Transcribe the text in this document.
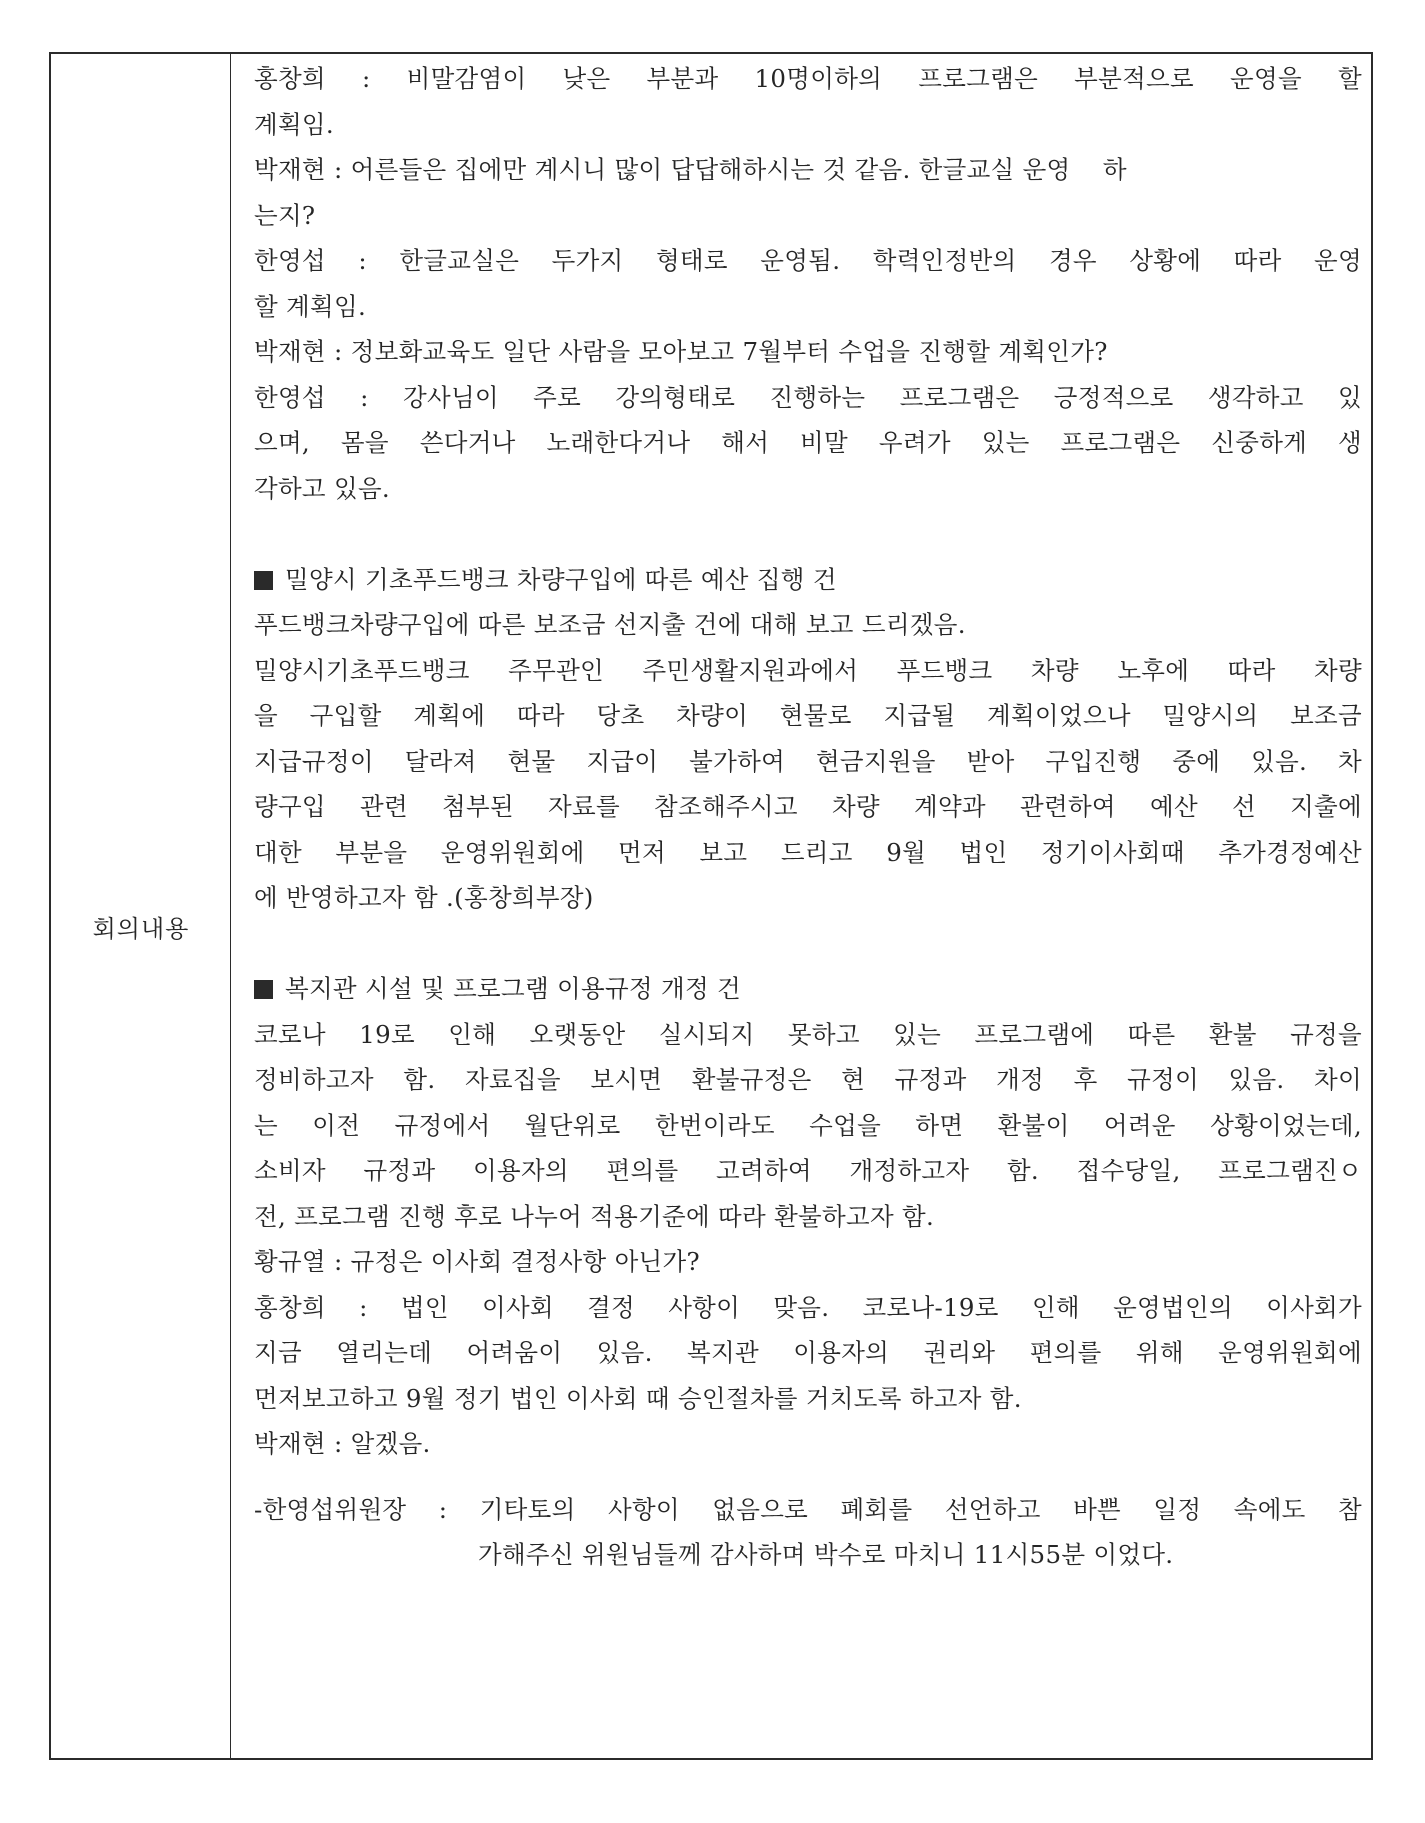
회의내용
홍창희 : 비말감염이 낮은 부분과 10명이하의 프로그램은 부분적으로 운영을 할
계획임.
박재현 : 어른들은 집에만 계시니 많이 답답해하시는 것 같음. 한글교실 운영    하
는지?
한영섭 : 한글교실은 두가지 형태로 운영됨. 학력인정반의 경우 상황에 따라 운영
할 계획임.
박재현 : 정보화교육도 일단 사람을 모아보고 7월부터 수업을 진행할 계획인가?
한영섭 : 강사님이 주로 강의형태로 진행하는 프로그램은 긍정적으로 생각하고 있
으며, 몸을 쓴다거나 노래한다거나 해서 비말 우려가 있는 프로그램은 신중하게 생
각하고 있음.
밀양시 기초푸드뱅크 차량구입에 따른 예산 집행 건
푸드뱅크차량구입에 따른 보조금 선지출 건에 대해 보고 드리겠음.
밀양시기초푸드뱅크 주무관인 주민생활지원과에서 푸드뱅크 차량 노후에 따라 차량
을 구입할 계획에 따라 당초 차량이 현물로 지급될 계획이었으나 밀양시의 보조금
지급규정이 달라져 현물 지급이 불가하여 현금지원을 받아 구입진행 중에 있음. 차
량구입 관련 첨부된 자료를 참조해주시고 차량 계약과 관련하여 예산 선 지출에
대한 부분을 운영위원회에 먼저 보고 드리고 9월 법인 정기이사회때 추가경정예산
에 반영하고자 함 .(홍창희부장)
복지관 시설 및 프로그램 이용규정 개정 건
코로나 19로 인해 오랫동안 실시되지 못하고 있는 프로그램에 따른 환불 규정을
정비하고자 함. 자료집을 보시면 환불규정은 현 규정과 개정 후 규정이 있음. 차이
는 이전 규정에서 월단위로 한번이라도 수업을 하면 환불이 어려운 상황이었는데,
소비자 규정과 이용자의 편의를 고려하여 개정하고자 함. 접수당일, 프로그램진ㅇ
전, 프로그램 진행 후로 나누어 적용기준에 따라 환불하고자 함.
황규열 : 규정은 이사회 결정사항 아닌가?
홍창희 : 법인 이사회 결정 사항이 맞음. 코로나-19로 인해 운영법인의 이사회가
지금 열리는데 어려움이 있음. 복지관 이용자의 권리와 편의를 위해 운영위원회에
먼저보고하고 9월 정기 법인 이사회 때 승인절차를 거치도록 하고자 함.
박재현 : 알겠음.
-한영섭위원장 : 기타토의 사항이 없음으로 폐회를 선언하고 바쁜 일정 속에도 참
가해주신 위원님들께 감사하며 박수로 마치니 11시55분 이었다.
